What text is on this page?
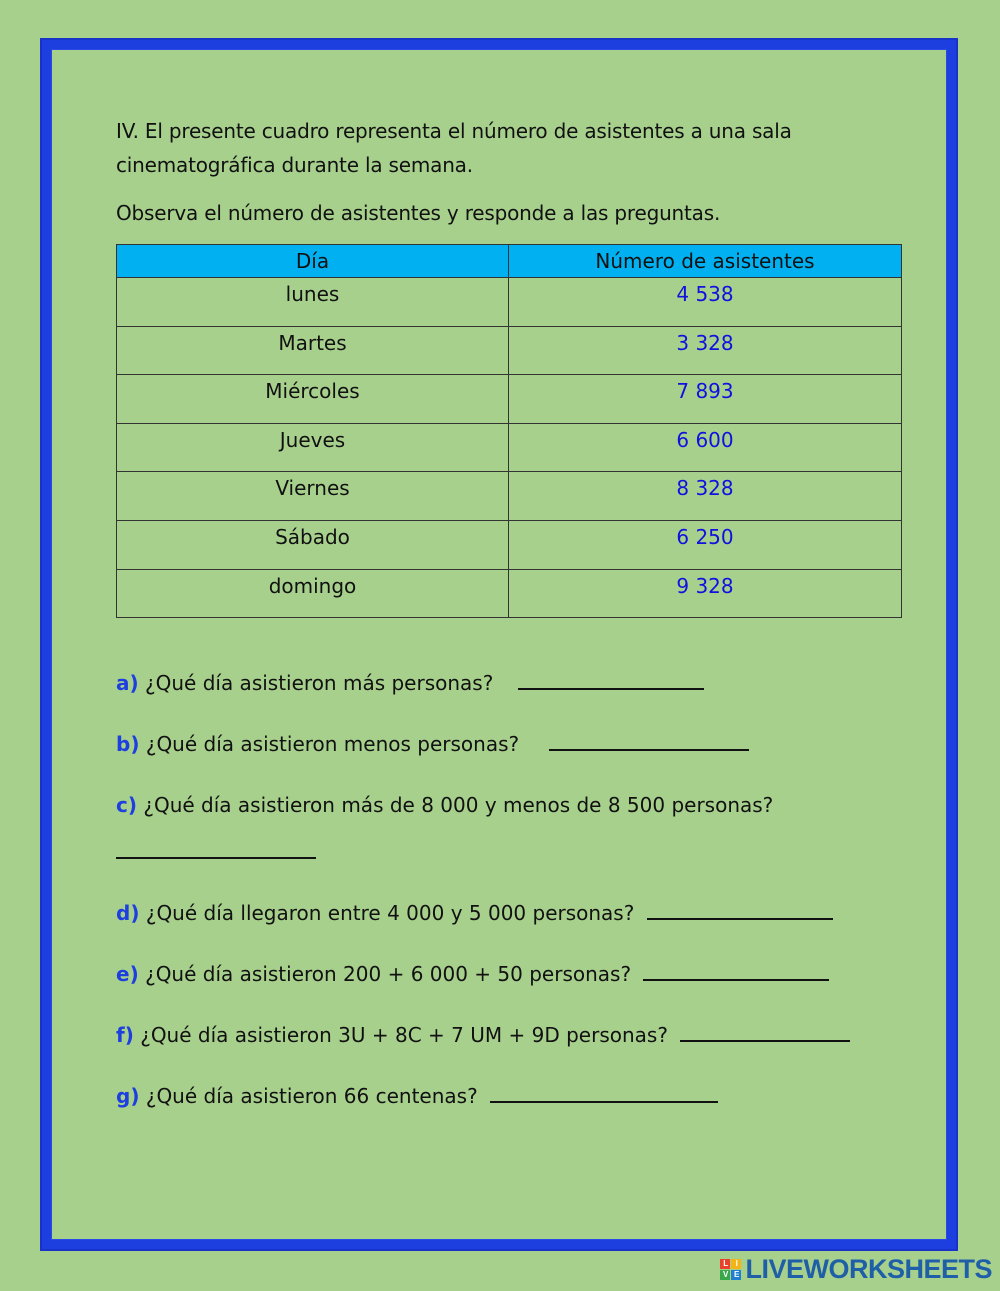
IV. El presente cuadro representa el número de asistentes a una sala
cinematográfica durante la semana.
Observa el número de asistentes y responde a las preguntas.
Día	Número de asistentes
lunes	4 538
Martes	3 328
Miércoles	7 893
Jueves	6 600
Viernes	8 328
Sábado	6 250
domingo	9 328
a) ¿Qué día asistieron más personas?
b) ¿Qué día asistieron menos personas?
c) ¿Qué día asistieron más de 8 000 y menos de 8 500 personas?
d) ¿Qué día llegaron entre 4 000 y 5 000 personas?
e) ¿Qué día asistieron 200 + 6 000 + 50 personas?
f) ¿Qué día asistieron 3U + 8C + 7 UM + 9D personas?
g) ¿Qué día asistieron 66 centenas?
L I
V E LIVEWORKSHEETS
